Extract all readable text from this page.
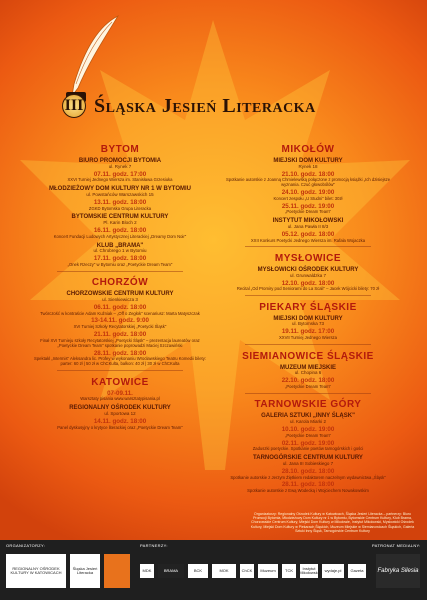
III Śląska Jesień Literacka
BYTOM
BIURO PROMOCJI BYTOMIA
ul. Rynek 7
07.11. godz. 17:00
XXVI Turniej Jednego Wiersza im. Stanisława Grzesiuka
MŁODZIEŻOWY DOM KULTURY NR 1 W BYTOMIU
ul. Powstańców Warszawskich 15
13.11. godz. 18:00
ZGKD Bytomska Grupa Literacka
BYTOMSKIE CENTRUM KULTURY
Pl. Karin Bloch 2
16.11. godz. 18:00
Koncert Fundacji Ludowych Artystycznej Literackiej „Dreamy Dom Noir"
KLUB „BRAMA"
ul. Chrobrego 1 w Bytomiu
17.11. godz. 18:00
„Onek Rzeczy" w Bytomiu oraz „Poetyckie Dream Team"
CHORZÓW
CHORZOWSKIE CENTRUM KULTURY
ul. Sienkiewicza 3
06.11. godz. 18:00
Twórczość w kontraście Adam Kuźniak – „Off o Zegłok" scenariusz: Marta Matyszczak
13-14.11. godz. 9:00
XVI Turniej Szkoły Recytatorskiej „Poetycki Śląsk"
21.11. godz. 18:00
Finał XVI Turnieju szkoły Recytatorskiej „Poetycki Śląsk" – prezentacja laureatów oraz „Poetyckie Dream Team" spotkanie poprowadzi Maciej Szczawiński
28.11. godz. 18:00
Spektakl „Intermis" Aleksandra lic. Profey w wykonaniu Wrocławskiego Teatru Komedii bilety: parter: 60 zł | 50 zł w ChCKulta, balkon: 40 zł | 30 zł w ChCKulta
KATOWICE
07-09.11.
Warsztaty pisania www.warsztatypisania.pl
REGIONALNY OŚRODEK KULTURY
ul. Sportowa 12
14.11. godz. 18:00
Panel dyskusyjny o krytyce literackiej oraz „Poetyckie Dream Team"
MIKOŁÓW
MIEJSKI DOM KULTURY
Rynek 18
21.10. godz. 18:00
Spotkanie autorskie z Joanną Chmielewską połączone z promocją książki „Ich dzisiejsze wyznania. Czuć głowobólów"
24.10. godz. 19:00
Koncert zespołu „U Studni" bilet: 30zł
25.11. godz. 19:00
„Poetyckie Dream Team"
INSTYTUT MIKOŁOWSKI
ul. Jana Pawła II 8/3
05.12. godz. 18:00
XXII Konkurs Poetycki Jednego Wiersza im. Rafała Wojaczka
MYSŁOWICE
MYSŁOWICKI OŚRODEK KULTURY
ul. Grunwaldzka 7
12.10. godz. 18:00
Recital „Od Promiry pod Seniorami do La Scali" – Jacek Wójcicki bilety: 70 zł
PIEKARY ŚLĄSKIE
MIEJSKI DOM KULTURY
ul. Bytomska 73
19.11. godz. 17:00
XXVII Turniej Jednego Wiersza
SIEMIANOWICE ŚLĄSKIE
MUZEUM MIEJSKIE
ul. Chopina 6
22.10. godz. 18:00
„Poetyckie Dream Team"
TARNOWSKIE GÓRY
GALERIA SZTUKI „INNY ŚLĄSK"
ul. Karola Miarki 2
10.10. godz. 19:00
„Poetyckie Dream Team"
02.11. godz. 19:00
Zaduszki poetyckie. Spotkanie poetów tarnogórskich i gości
TARNOGÓRSKIE CENTRUM KULTURY
ul. Jana III Sobieskiego 7
28.10. godz. 18:00
Spotkanie autorskie z Jerzym Żiętkiem redaktorem naczelnym wydawnictwa „Śląsk"
28.11. godz. 18:00
Spotkanie autorskie z Ewą Wodecką i Wojciechem Nowakowskim
Organizatorzy: Regionalny Ośrodek Kultury w Katowicach, Śląska Jesień Literacka – partnerzy: Biuro Promocji Bytomia, Młodzieżowy Dom Kultury nr 1 w Bytomiu, Bytomskie Centrum Kultury, Klub Brama, Chorzowskie Centrum Kultury, Miejski Dom Kultury w Mikołowie, Instytut Mikołowski, Mysłowicki Ośrodek Kultury, Miejski Dom Kultury w Piekarach Śląskich, Muzeum Miejskie w Siemianowicach Śląskich, Galeria Sztuki Inny Śląsk, Tarnogórskie Centrum Kultury
ORGANIZATORZY:	PARTNERZY:	PATRONAT MEDIALNY:
REGIONALNY OŚRODEK KULTURY W KATOWICACH
Śląska Jesień Literacka	MDK	BRAMA	BCK	MOK	ChCK Muzeum TCK	Instytut Mikołowski wydaje.pl Gazeta Fabryka Silesia
